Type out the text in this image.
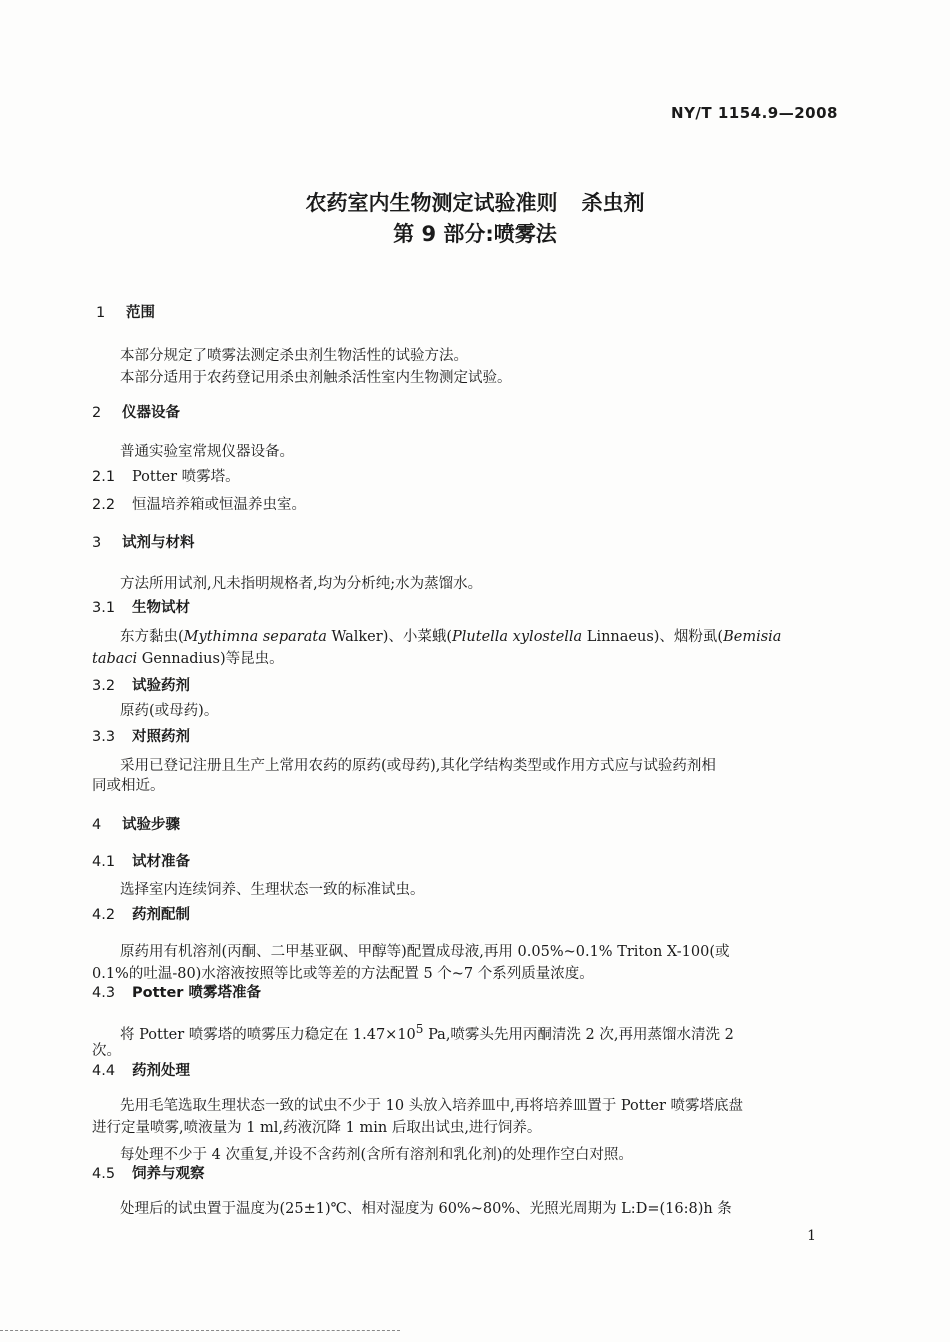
NY/T 1154.9—2008
农药室内生物测定试验准则 杀虫剂
第 9 部分:喷雾法
1 范围
本部分规定了喷雾法测定杀虫剂生物活性的试验方法。
本部分适用于农药登记用杀虫剂触杀活性室内生物测定试验。
2 仪器设备
普通实验室常规仪器设备。
2.1 Potter 喷雾塔。
2.2 恒温培养箱或恒温养虫室。
3 试剂与材料
方法所用试剂,凡未指明规格者,均为分析纯;水为蒸馏水。
3.1 生物试材
东方黏虫(Mythimna separata Walker)、小菜蛾(Plutella xylostella Linnaeus)、烟粉虱(Bemisia
tabaci Gennadius)等昆虫。
3.2 试验药剂
原药(或母药)。
3.3 对照药剂
采用已登记注册且生产上常用农药的原药(或母药),其化学结构类型或作用方式应与试验药剂相
同或相近。
4 试验步骤
4.1 试材准备
选择室内连续饲养、生理状态一致的标准试虫。
4.2 药剂配制
原药用有机溶剂(丙酮、二甲基亚砜、甲醇等)配置成母液,再用 0.05%~0.1% Triton X-100(或
0.1%的吐温-80)水溶液按照等比或等差的方法配置 5 个~7 个系列质量浓度。
4.3 Potter 喷雾塔准备
将 Potter 喷雾塔的喷雾压力稳定在 $1.47\times 10^5$ Pa,喷雾头先用丙酮清洗 2 次,再用蒸馏水清洗 2
次。
4.4 药剂处理
先用毛笔选取生理状态一致的试虫不少于 10 头放入培养皿中,再将培养皿置于 Potter 喷雾塔底盘
进行定量喷雾,喷液量为 1 ml,药液沉降 1 min 后取出试虫,进行饲养。
每处理不少于 4 次重复,并设不含药剂(含所有溶剂和乳化剂)的处理作空白对照。
4.5 饲养与观察
处理后的试虫置于温度为(25±1)℃、相对湿度为 60%~80%、光照光周期为 L:D=(16:8)h 条
1
